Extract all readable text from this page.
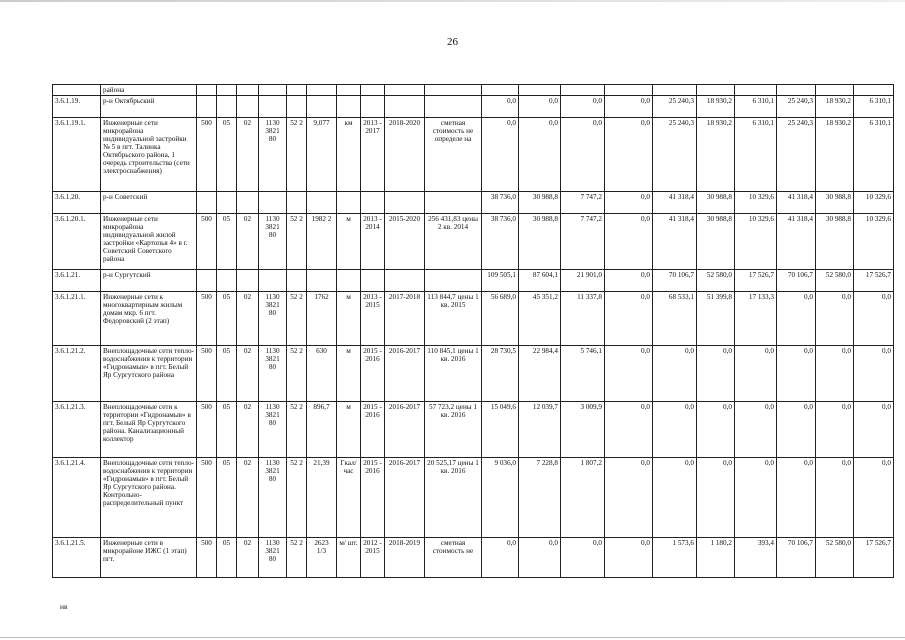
26
	района																				
3.6.1.19.	р-н Октябрьский											0,0	0,0	0,0	0,0	25 240,3	18 930,2	6 310,1	25 240,3	18 930,2	6 310,1
3.6.1.19.1.	Инженерные сети микрорайона индивидуальной застройки № 5 в пгт. Талинка Октябрьского района, 1 очередь строительства (сети электроснабжения)	500	05	02	1130 3821 80	52 2	9,077	км	2013 - 2017	2018-2020	сметная стоимость не определе на	0,0	0,0	0,0	0,0	25 240,3	18 930,2	6 310,1	25 240,3	18 930,2	6 310,1
3.6.1.20.	р-н Советский											38 736,0	30 988,8	7 747,2	0,0	41 318,4	30 988,8	10 329,6	41 318,4	30 988,8	10 329,6
3.6.1.20.1.	Инженерные сети микрорайона индивидуальной жилой застройки «Картопья 4» в г. Советский Советского района	500	05	02	1130 3821 80	52 2	1982 2	м	2013 - 2014	2015-2020	256 431,83 цены 2 кв. 2014	38 736,0	30 988,8	7 747,2	0,0	41 318,4	30 988,8	10 329,6	41 318,4	30 988,8	10 329,6
3.6.1.21.	р-н Сургутский											109 505,1	87 604,1	21 901,0	0,0	70 106,7	52 580,0	17 526,7	70 106,7	52 580,0	17 526,7
3.6.1.21.1.	Инженерные сети к многоквартирным жилым домам мкр. 6 пгт. Федоровский (2 этап)	500	05	02	1130 3821 80	52 2	1762	м	2013 - 2015	2017-2018	113 844,7 цены 1 кв. 2015	56 689,0	45 351,2	11 337,8	0,0	68 533,1	51 399,8	17 133,3	0,0	0,0	0,0
3.6.1.21.2.	Внеплощадочные сети тепло-водоснабжения к территории «Гидронамыв» в пгт. Белый Яр Сургутского района	500	05	02	1130 3821 80	52 2	630	м	2015 - 2016	2016-2017	110 845,1 цены 1 кв. 2016	28 730,5	22 984,4	5 746,1	0,0	0,0	0,0	0,0	0,0	0,0	0,0
3.6.1.21.3.	Внеплощадочные сети к территории «Гидронамыв» в пгт. Белый Яр Сургутского района. Канализационный коллектор	500	05	02	1130 3821 80	52 2	896,7	м	2015 - 2016	2016-2017	57 723,2 цены 1 кв. 2016	15 049,6	12 039,7	3 009,9	0,0	0,0	0,0	0,0	0,0	0,0	0,0
3.6.1.21.4.	Внеплощадочные сети тепло-водоснабжения к территории «Гидронамыв» в пгт. Белый Яр Сургутского района. Контрольно-распределительный пункт	500	05	02	1130 3821 80	52 2	21,39	Гкал/ час	2015 - 2016	2016-2017	20 525,17 цены 1 кв. 2016	9 036,0	7 228,8	1 807,2	0,0	0,0	0,0	0,0	0,0	0,0	0,0
3.6.1.21.5.	Инженерные сети в микрорайоне ИЖС (1 этап) пгт.	500	05	02	1130 3821 80	52 2	2623 1/3	м/ шт.	2012 - 2015	2018-2019	сметная стоимость не	0,0	0,0	0,0	0,0	1 573,6	1 180,2	393,4	70 106,7	52 580,0	17 526,7
нв
